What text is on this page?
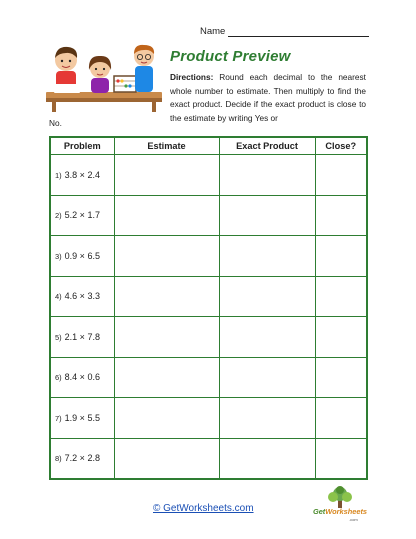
Name
Product Preview

Directions: Round each decimal to the nearest whole number to estimate. Then multiply to find the exact product. Decide if the exact product is close to the estimate by writing Yes or

No.
Problem	Estimate	Exact Product	Close?
1) 3.8 × 2.4			
2) 5.2 × 1.7			
3) 0.9 × 6.5			
4) 4.6 × 3.3			
5) 2.1 × 7.8			
6) 8.4 × 0.6			
7) 1.9 × 5.5			
8) 7.2 × 2.8			
© GetWorksheets.com	GetWorksheets
.com
